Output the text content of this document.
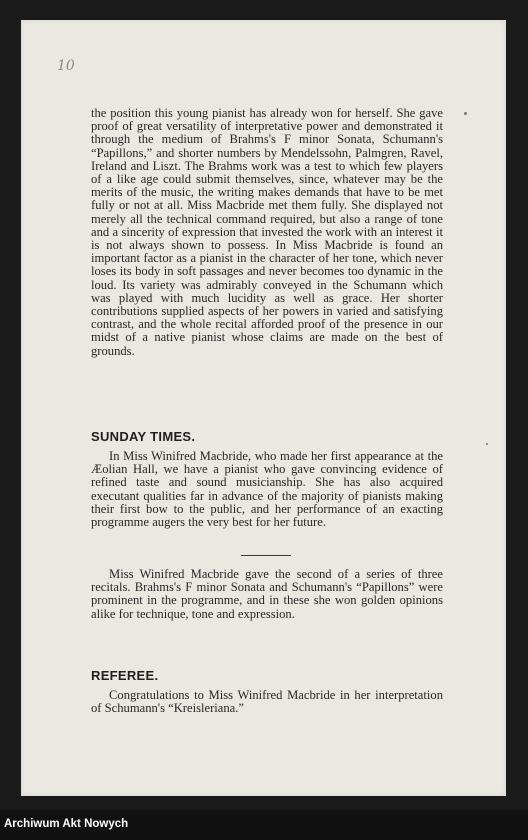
10

the position this young pianist has already won for herself. She gave proof of great versatility of interpretative power and demonstrated it through the medium of Brahms's F minor Sonata, Schumann's “Papillons,” and shorter numbers by Mendelssohn, Palmgren, Ravel, Ireland and Liszt. The Brahms work was a test to which few players of a like age could submit themselves, since, whatever may be the merits of the music, the writing makes demands that have to be met fully or not at all. Miss Macbride met them fully. She displayed not merely all the technical command required, but also a range of tone and a sincerity of expression that invested the work with an interest it is not always shown to possess. In Miss Macbride is found an important factor as a pianist in the character of her tone, which never loses its body in soft passages and never becomes too dynamic in the loud. Its variety was admirably conveyed in the Schumann which was played with much lucidity as well as grace. Her shorter contributions supplied aspects of her powers in varied and satisfying contrast, and the whole recital afforded proof of the presence in our midst of a native pianist whose claims are made on the best of grounds.

SUNDAY TIMES.

In Miss Winifred Macbride, who made her first appearance at the Æolian Hall, we have a pianist who gave convincing evidence of refined taste and sound musicianship. She has also acquired executant qualities far in advance of the majority of pianists making their first bow to the public, and her performance of an exacting programme augers the very best for her future.

Miss Winifred Macbride gave the second of a series of three recitals. Brahms's F minor Sonata and Schumann's “Papillons” were prominent in the programme, and in these she won golden opinions alike for technique, tone and expression.

REFEREE.

Congratulations to Miss Winifred Macbride in her interpretation of Schumann's “Kreisleriana.”

Archiwum Akt Nowych
